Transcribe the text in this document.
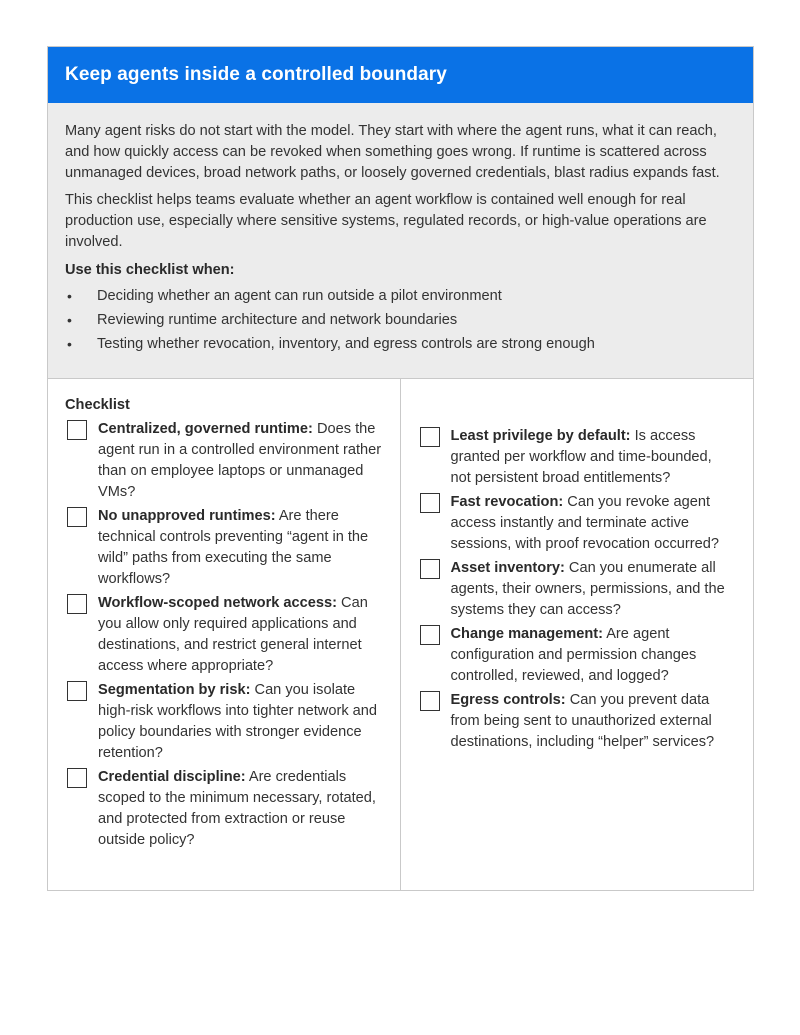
Keep agents inside a controlled boundary

Many agent risks do not start with the model. They start with where the agent runs, what it can reach, and how quickly access can be revoked when something goes wrong. If runtime is scattered across unmanaged devices, broad network paths, or loosely governed credentials, blast radius expands fast.

This checklist helps teams evaluate whether an agent workflow is contained well enough for real production use, especially where sensitive systems, regulated records, or high-value operations are involved.

Use this checklist when:
• Deciding whether an agent can run outside a pilot environment
• Reviewing runtime architecture and network boundaries
• Testing whether revocation, inventory, and egress controls are strong enough
Checklist
Centralized, governed runtime: Does the agent run in a controlled environment rather than on employee laptops or unmanaged VMs?
No unapproved runtimes: Are there technical controls preventing “agent in the wild” paths from executing the same workflows?
Workflow-scoped network access: Can you allow only required applications and destinations, and restrict general internet access where appropriate?
Segmentation by risk: Can you isolate high-risk workflows into tighter network and policy boundaries with stronger evidence retention?
Credential discipline: Are credentials scoped to the minimum necessary, rotated, and protected from extraction or reuse outside policy?
Least privilege by default: Is access granted per workflow and time-bounded, not persistent broad entitlements?
Fast revocation: Can you revoke agent access instantly and terminate active sessions, with proof revocation occurred?
Asset inventory: Can you enumerate all agents, their owners, permissions, and the systems they can access?
Change management: Are agent configuration and permission changes controlled, reviewed, and logged?
Egress controls: Can you prevent data from being sent to unauthorized external destinations, including “helper” services?
